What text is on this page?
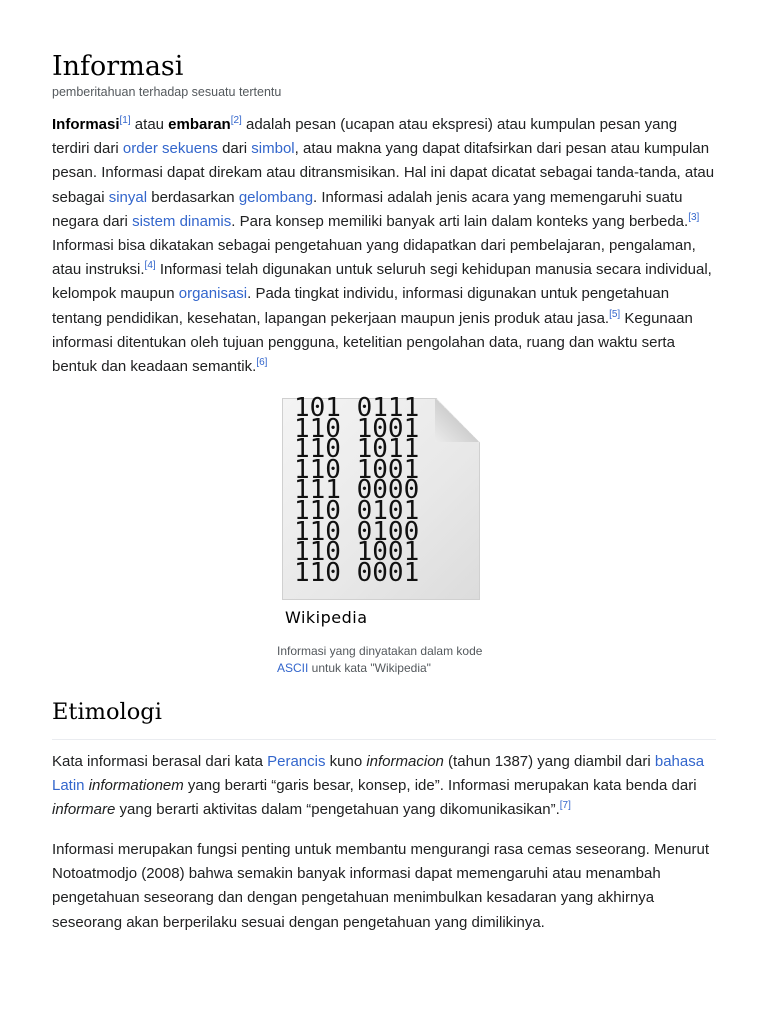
Informasi
pemberitahuan terhadap sesuatu tertentu

Informasi[1] atau embaran[2] adalah pesan (ucapan atau ekspresi) atau kumpulan pesan yang terdiri dari order sekuens dari simbol, atau makna yang dapat ditafsirkan dari pesan atau kumpulan pesan. Informasi dapat direkam atau ditransmisikan. Hal ini dapat dicatat sebagai tanda-tanda, atau sebagai sinyal berdasarkan gelombang. Informasi adalah jenis acara yang memengaruhi suatu negara dari sistem dinamis. Para konsep memiliki banyak arti lain dalam konteks yang berbeda.[3] Informasi bisa dikatakan sebagai pengetahuan yang didapatkan dari pembelajaran, pengalaman, atau instruksi.[4] Informasi telah digunakan untuk seluruh segi kehidupan manusia secara individual, kelompok maupun organisasi. Pada tingkat individu, informasi digunakan untuk pengetahuan tentang pendidikan, kesehatan, lapangan pekerjaan maupun jenis produk atau jasa.[5] Kegunaan informasi ditentukan oleh tujuan pengguna, ketelitian pengolahan data, ruang dan waktu serta bentuk dan keadaan semantik.[6]

101 0111
110 1001
110 1011
110 1001
111 0000
110 0101
110 0100
110 1001
110 0001
Wikipedia
Informasi yang dinyatakan dalam kode ASCII untuk kata "Wikipedia"
Etimologi

Kata informasi berasal dari kata Perancis kuno informacion (tahun 1387) yang diambil dari bahasa Latin informationem yang berarti “garis besar, konsep, ide”. Informasi merupakan kata benda dari informare yang berarti aktivitas dalam “pengetahuan yang dikomunikasikan”.[7]

Informasi merupakan fungsi penting untuk membantu mengurangi rasa cemas seseorang. Menurut Notoatmodjo (2008) bahwa semakin banyak informasi dapat memengaruhi atau menambah pengetahuan seseorang dan dengan pengetahuan menimbulkan kesadaran yang akhirnya seseorang akan berperilaku sesuai dengan pengetahuan yang dimilikinya.
